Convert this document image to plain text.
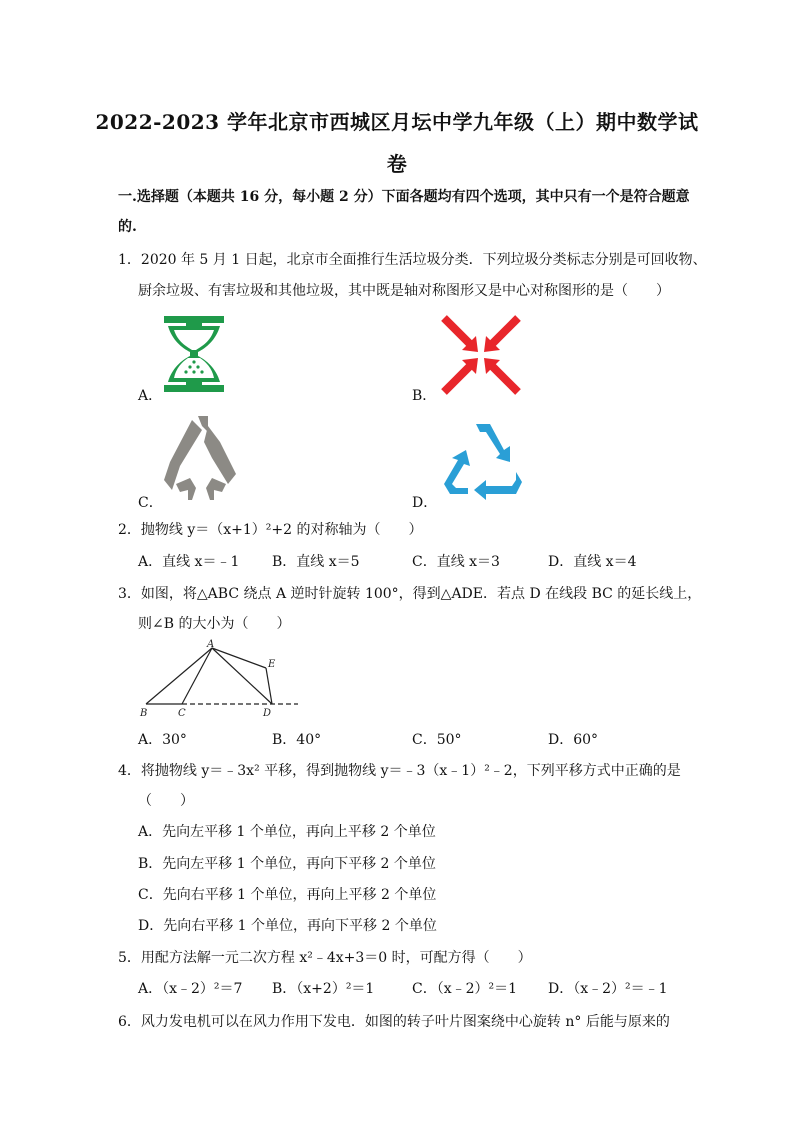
2022-2023 学年北京市西城区月坛中学九年级（上）期中数学试
卷
一.选择题（本题共 16 分，每小题 2 分）下面各题均有四个选项，其中只有一个是符合题意
的.
1．2020 年 5 月 1 日起，北京市全面推行生活垃圾分类．下列垃圾分类标志分别是可回收物、
厨余垃圾、有害垃圾和其他垃圾，其中既是轴对称图形又是中心对称图形的是（　　）
A．	B．
C．	D．
2．抛物线 y＝（x+1）²+2 的对称轴为（　　）
A．直线 x＝﹣1 B．直线 x＝5	C．直线 x＝3	D．直线 x＝4
3．如图，将△ABC 绕点 A 逆时针旋转 100°，得到△ADE．若点 D 在线段 BC 的延长线上，
则∠B 的大小为（　　）
A
B	C	D
E
A．30°	B．40°	C．50°	D．60°
4．将抛物线 y＝﹣3x² 平移，得到抛物线 y＝﹣3（x﹣1）²﹣2，下列平移方式中正确的是
（　　）
A．先向左平移 1 个单位，再向上平移 2 个单位
B．先向左平移 1 个单位，再向下平移 2 个单位
C．先向右平移 1 个单位，再向上平移 2 个单位
D．先向右平移 1 个单位，再向下平移 2 个单位
5．用配方法解一元二次方程 x²﹣4x+3＝0 时，可配方得（　　）
A．（x﹣2）²＝7 B．（x+2）²＝1	C．（x﹣2）²＝1 D．（x﹣2）²＝﹣1
6．风力发电机可以在风力作用下发电．如图的转子叶片图案绕中心旋转 n° 后能与原来的
